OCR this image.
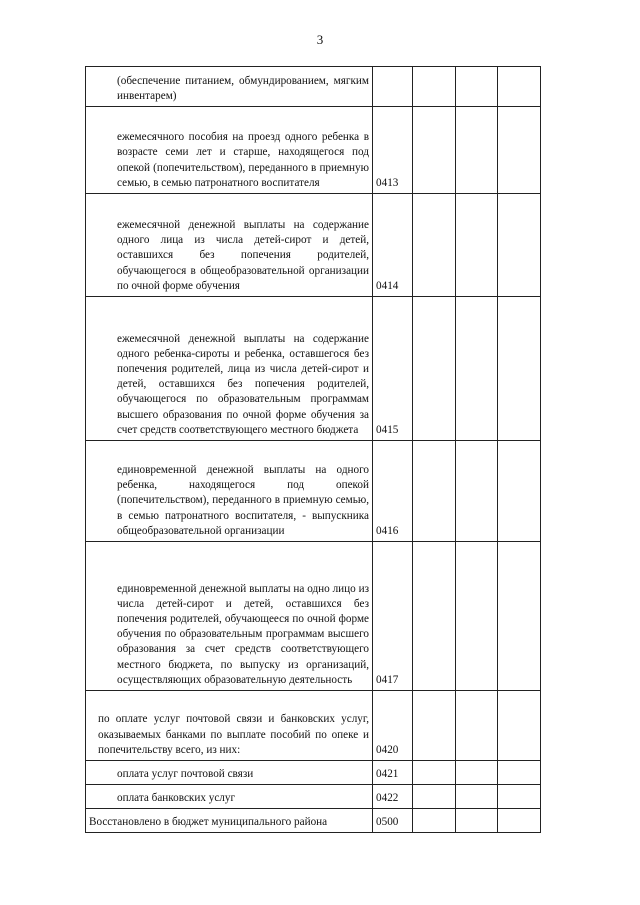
3
(обеспечение питанием, обмундированием, мягким инвентарем)				
ежемесячного пособия на проезд одного ребенка в возрасте семи лет и старше, находящегося под опекой (попечительством), переданного в приемную семью, в семью патронатного воспитателя	0413			
ежемесячной денежной выплаты на содержание одного лица из числа детей-сирот и детей, оставшихся без попечения родителей, обучающегося в общеобразовательной организации по очной форме обучения	0414			
ежемесячной денежной выплаты на содержание одного ребенка-сироты и ребенка, оставшегося без попечения родителей, лица из числа детей-сирот и детей, оставшихся без попечения родителей, обучающегося по образовательным программам высшего образования по очной форме обучения за счет средств соответствующего местного бюджета	0415			
единовременной денежной выплаты на одного ребенка, находящегося под опекой (попечительством), переданного в приемную семью, в семью патронатного воспитателя, - выпускника общеобразовательной организации	0416			
единовременной денежной выплаты на одно лицо из числа детей-сирот и детей, оставшихся без попечения родителей, обучающееся по очной форме обучения по образовательным программам высшего образования за счет средств соответствующего местного бюджета, по выпуску из организаций, осуществляющих образовательную деятельность	0417			
по оплате услуг почтовой связи и банковских услуг, оказываемых банками по выплате пособий по опеке и попечительству всего, из них:	0420			
оплата услуг почтовой связи	0421			
оплата банковских услуг	0422			
Восстановлено в бюджет муниципального района	0500			
